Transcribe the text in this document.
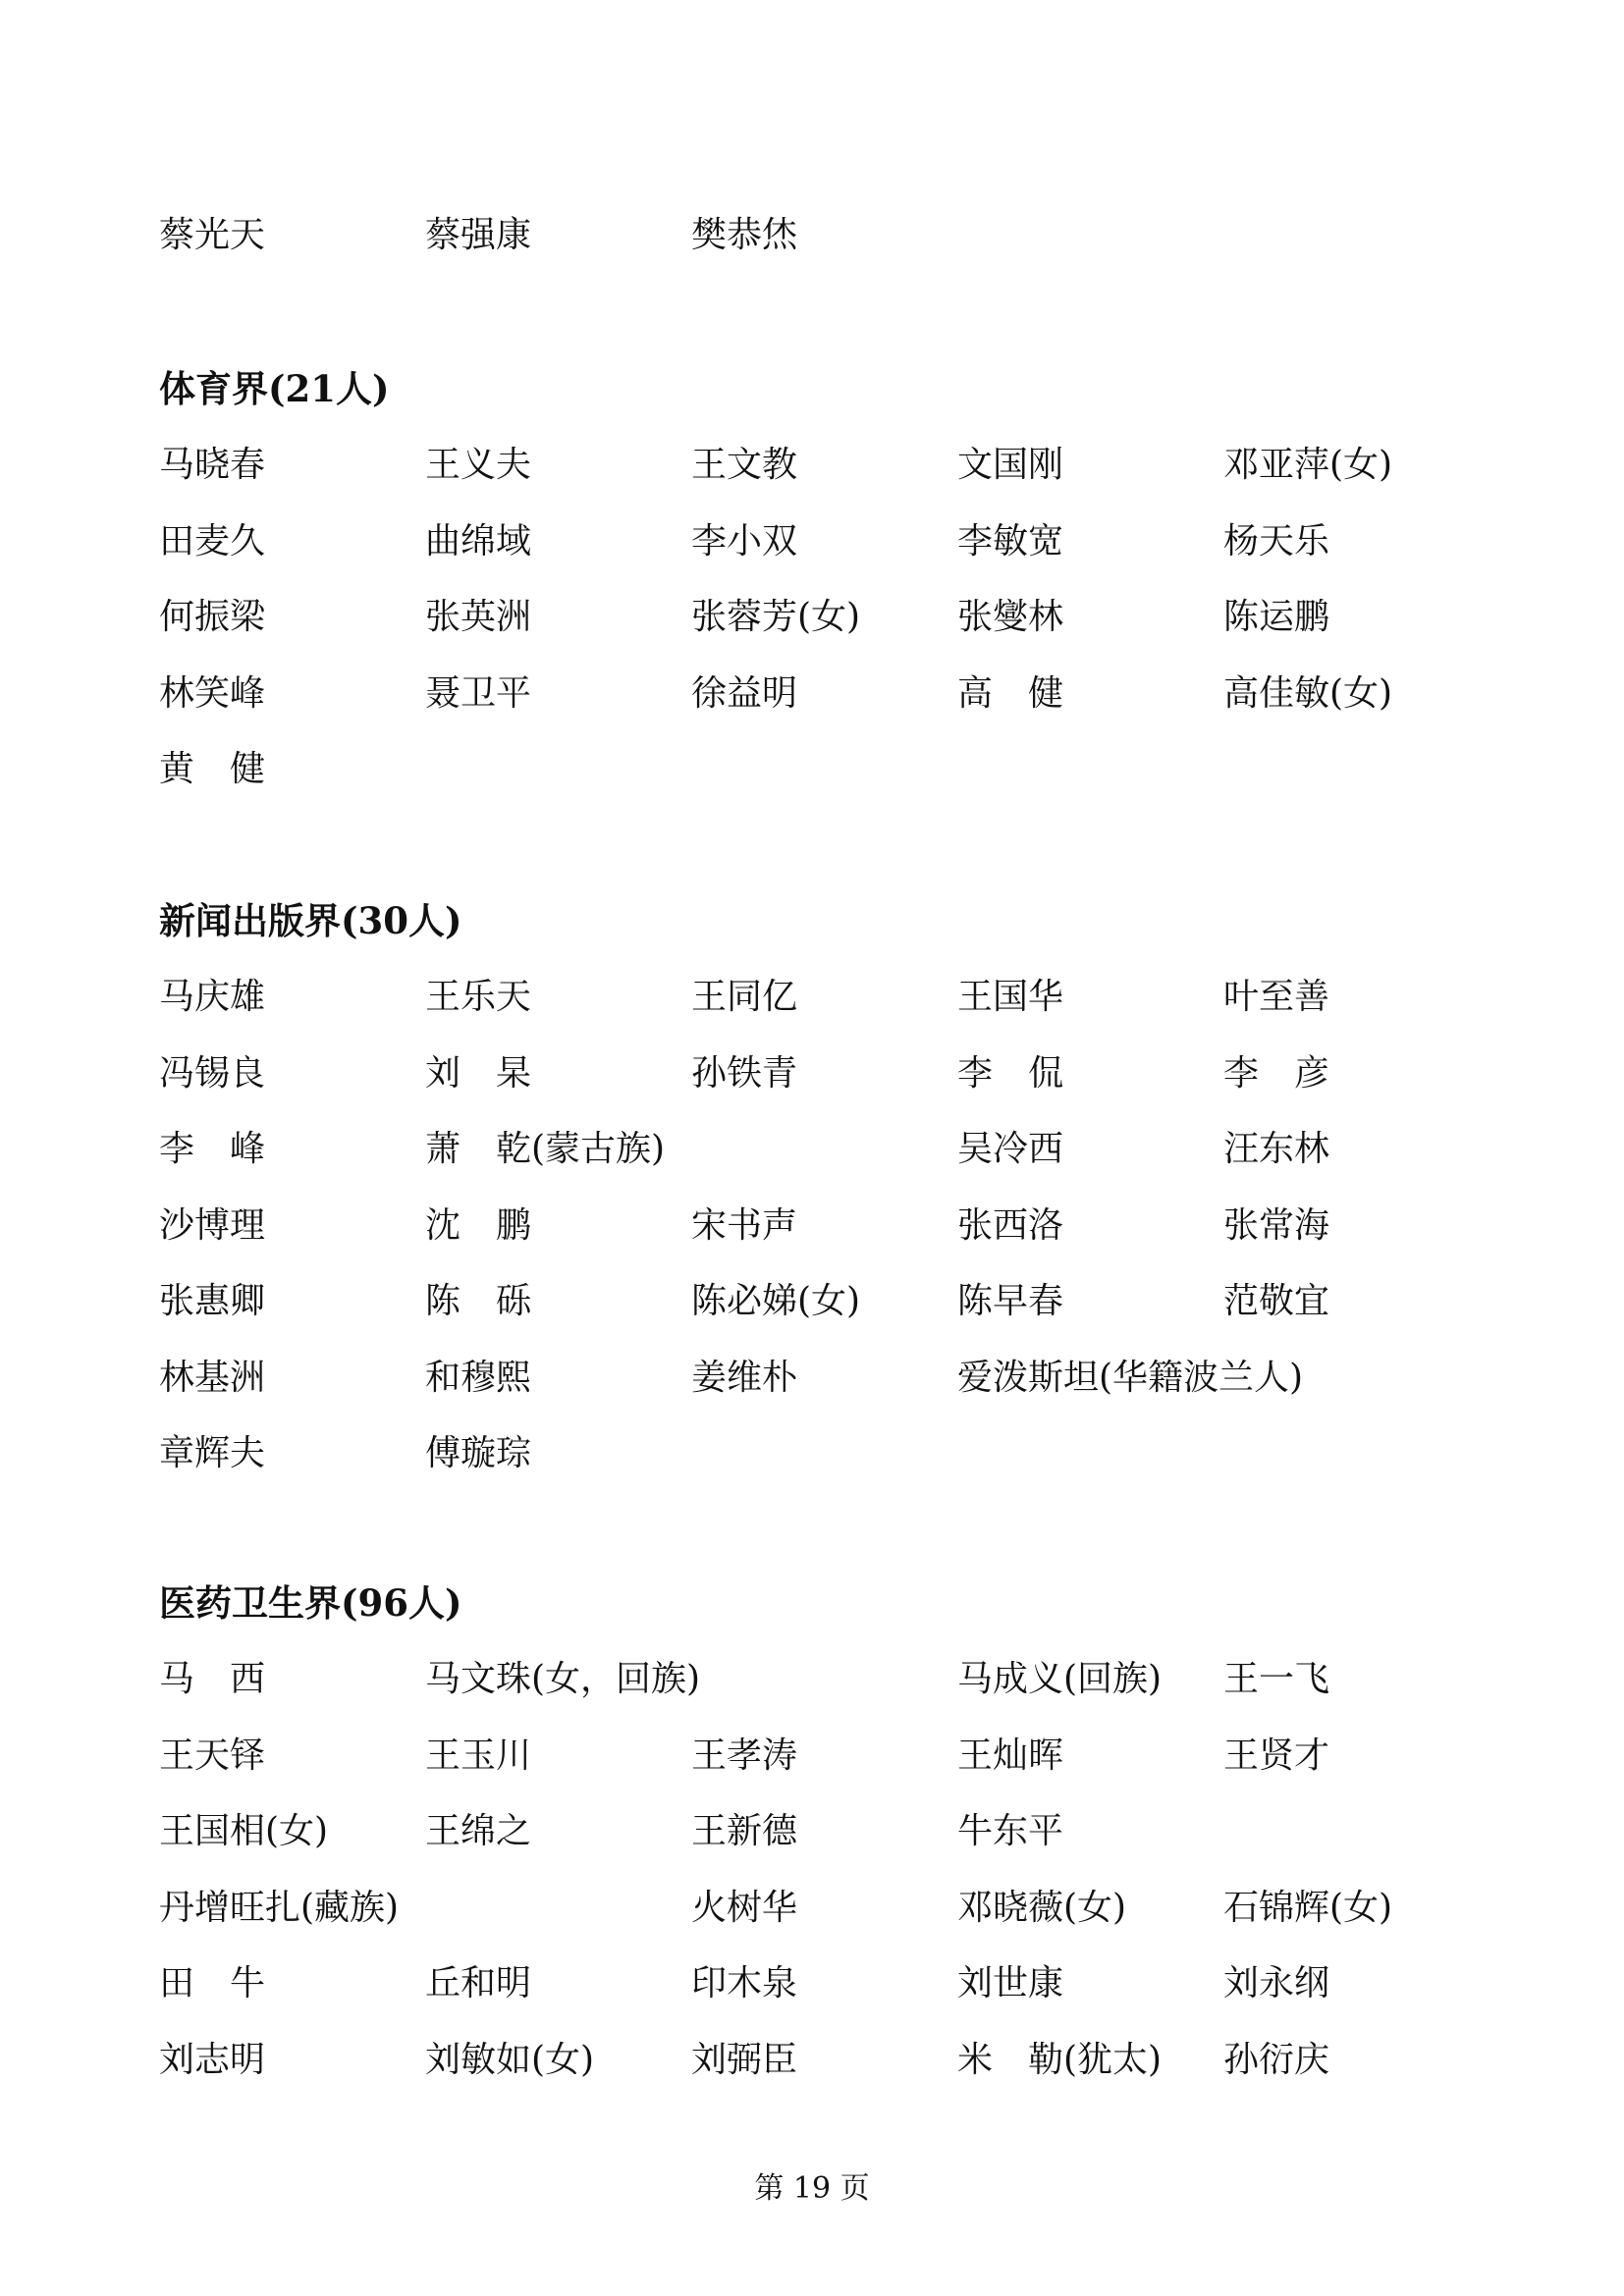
蔡光天	蔡强康	樊恭烋
体育界(21人)
马晓春	王义夫	王文教	文国刚	邓亚萍(女)
田麦久	曲绵域	李小双	李敏宽	杨天乐
何振梁	张英洲	张蓉芳(女)	张燮林	陈运鹏
林笑峰	聂卫平	徐益明	高　健	高佳敏(女)
黄　健
新闻出版界(30人)
马庆雄	王乐天	王同亿	王国华	叶至善
冯锡良	刘　杲	孙铁青	李　侃	李　彦
李　峰	萧　乾(蒙古族)	吴冷西	汪东林
沙博理	沈　鹏	宋书声	张西洛	张常海
张惠卿	陈　砾	陈必娣(女)	陈早春	范敬宜
林基洲	和穆熙	姜维朴	爱泼斯坦(华籍波兰人)
章辉夫	傅璇琮
医药卫生界(96人)
马　西	马文珠(女，回族)	马成义(回族) 王一飞
王天铎	王玉川	王孝涛	王灿晖	王贤才
王国相(女)	王绵之	王新德	牛东平
丹增旺扎(藏族)	火树华	邓晓薇(女)	石锦辉(女)
田　牛	丘和明	印木泉	刘世康	刘永纲
刘志明	刘敏如(女)	刘弼臣	米　勒(犹太) 孙衍庆
第 19 页
